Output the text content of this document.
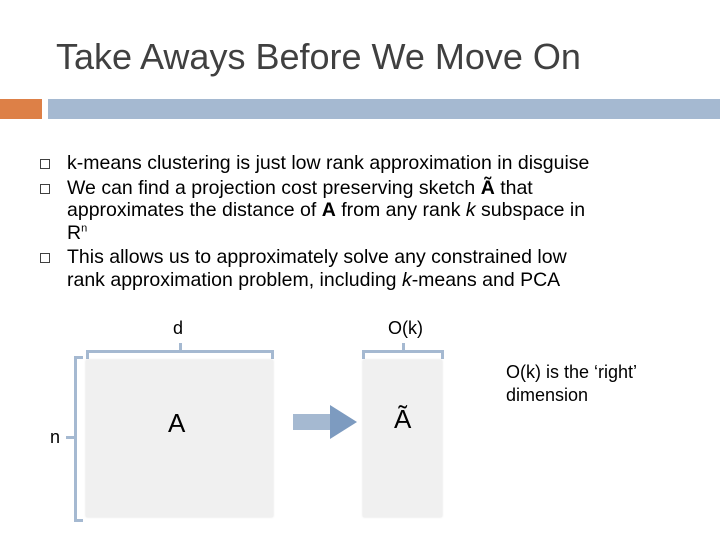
Take Aways Before We Move On
k-means clustering is just low rank approximation in disguise
We can find a projection cost preserving sketch Ã that
approximates the distance of A from any rank k subspace in
$R^n$
This allows us to approximately solve any constrained low
rank approximation problem, including k-means and PCA
d	O(k)
n	A	Ã
O(k) is the ‘right’
dimension
